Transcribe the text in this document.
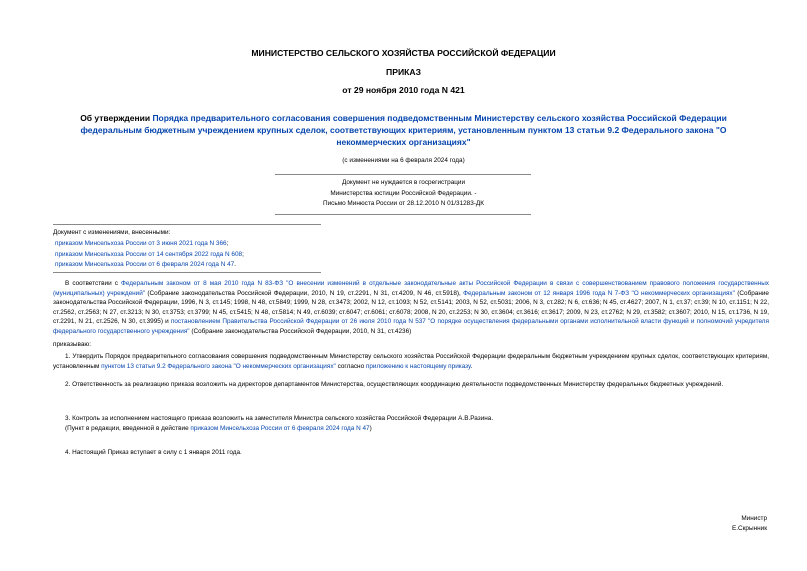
МИНИСТЕРСТВО СЕЛЬСКОГО ХОЗЯЙСТВА РОССИЙСКОЙ ФЕДЕРАЦИИ
ПРИКАЗ
от 29 ноября 2010 года N 421
Об утверждении Порядка предварительного согласования совершения подведомственным Министерству сельского хозяйства Российской Федерации федеральным бюджетным учреждением крупных сделок, соответствующих критериям, установленным пунктом 13 статьи 9.2 Федерального закона "О некоммерческих организациях"
(с изменениями на 6 февраля 2024 года)
Документ не нуждается в госрегистрации
Министерства юстиции Российской Федерации. -
Письмо Минюста России от 28.12.2010 N 01/31283-ДК
Документ с изменениями, внесенными:
приказом Минсельхоза России от 3 июня 2021 года N 366;
приказом Минсельхоза России от 14 сентября 2022 года N 608;
приказом Минсельхоза России от 6 февраля 2024 года N 47.
В соответствии с Федеральным законом от 8 мая 2010 года N 83-ФЗ "О внесении изменений в отдельные законодательные акты Российской Федерации в связи с совершенствованием правового положения государственных (муниципальных) учреждений" (Собрание законодательства Российской Федерации, 2010, N 19, ст.2291, N 31, ст.4209, N 46, ст.5918), Федеральным законом от 12 января 1996 года N 7-ФЗ "О некоммерческих организациях" (Собрание законодательства Российской Федерации, 1996, N 3, ст.145; 1998, N 48, ст.5849; 1999, N 28, ст.3473; 2002, N 12, ст.1093; N 52, ст.5141; 2003, N 52, ст.5031; 2006, N 3, ст.282; N 6, ст.636; N 45, ст.4627; 2007, N 1, ст.37; ст.39; N 10, ст.1151; N 22, ст.2562, ст.2563; N 27, ст.3213; N 30, ст.3753; ст.3799; N 45, ст.5415; N 48, ст.5814; N 49, ст.6039; ст.6047; ст.6061; ст.6078; 2008, N 20, ст.2253; N 30, ст.3604; ст.3616; ст.3617; 2009, N 23, ст.2762; N 29, ст.3582; ст.3607; 2010, N 15, ст.1736, N 19, ст.2291, N 21, ст.2526, N 30, ст.3995) и постановлением Правительства Российской Федерации от 26 июля 2010 года N 537 "О порядке осуществления федеральными органами исполнительной власти функций и полномочий учредителя федерального государственного учреждения" (Собрание законодательства Российской Федерации, 2010, N 31, ст.4236)
приказываю:
1. Утвердить Порядок предварительного согласования совершения подведомственным Министерству сельского хозяйства Российской Федерации федеральным бюджетным учреждением крупных сделок, соответствующих критериям, установленным пунктом 13 статьи 9.2 Федерального закона "О некоммерческих организациях" согласно приложению к настоящему приказу.
2. Ответственность за реализацию приказа возложить на директоров департаментов Министерства, осуществляющих координацию деятельности подведомственных Министерству федеральных бюджетных учреждений.
3. Контроль за исполнением настоящего приказа возложить на заместителя Министра сельского хозяйства Российской Федерации А.В.Разина.
(Пункт в редакции, введенной в действие приказом Минсельхоза России от 6 февраля 2024 года N 47)
4. Настоящий Приказ вступает в силу с 1 января 2011 года.
Министр
Е.Скрынник
